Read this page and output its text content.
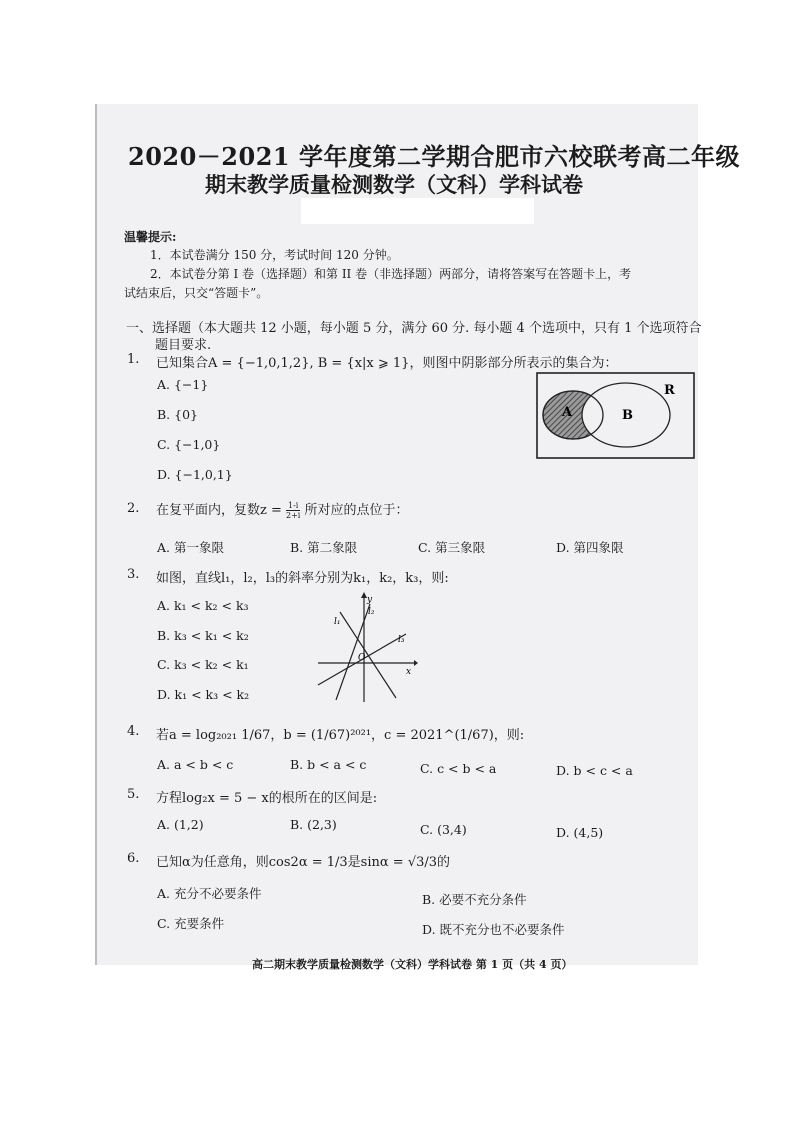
2020－2021 学年度第二学期合肥市六校联考高二年级
期末教学质量检测数学（文科）学科试卷
温馨提示:
1．本试卷满分 150 分，考试时间 120 分钟。
2．本试卷分第 I 卷（选择题）和第 II 卷（非选择题）两部分，请将答案写在答题卡上，考
试结束后，只交“答题卡”。
一、选择题（本大题共 12 小题，每小题 5 分，满分 60 分. 每小题 4 个选项中，只有 1 个选项符合
题目要求.
1. 已知集合A = {−1,0,1,2}, B = {x|x ⩾ 1}，则图中阴影部分所表示的集合为：
A. {−1}
B. {0}
C. {−1,0}
D. {−1,0,1}
R
A	B
2. 在复平面内，复数$z = \frac{1-i}{2+i}$ 所对应的点位于：
A. 第一象限	B. 第二象限	C. 第三象限	D. 第四象限
3. 如图，直线l₁，l₂，l₃的斜率分别为k₁，k₂，k₃，则:
A. k₁ < k₂ < k₃
B. k₃ < k₁ < k₂
C. k₃ < k₂ < k₁
D. k₁ < k₃ < k₂
l₁
l₂
l₃
O
x
y
4. 若a = log₂₀₂₁ 1/67，b = (1/67)²⁰²¹，c = 2021^(1/67)，则:
A. a < b < c	B. b < a < c	C. c < b < a	D. b < c < a
5. 方程log₂x = 5 − x的根所在的区间是:
A. (1,2)	B. (2,3)	C. (3,4)	D. (4,5)
6. 已知α为任意角，则cos2α = 1/3是sinα = √3/3的
A. 充分不必要条件	B. 必要不充分条件
C. 充要条件	D. 既不充分也不必要条件
高二期末教学质量检测数学（文科）学科试卷 第 1 页（共 4 页）
